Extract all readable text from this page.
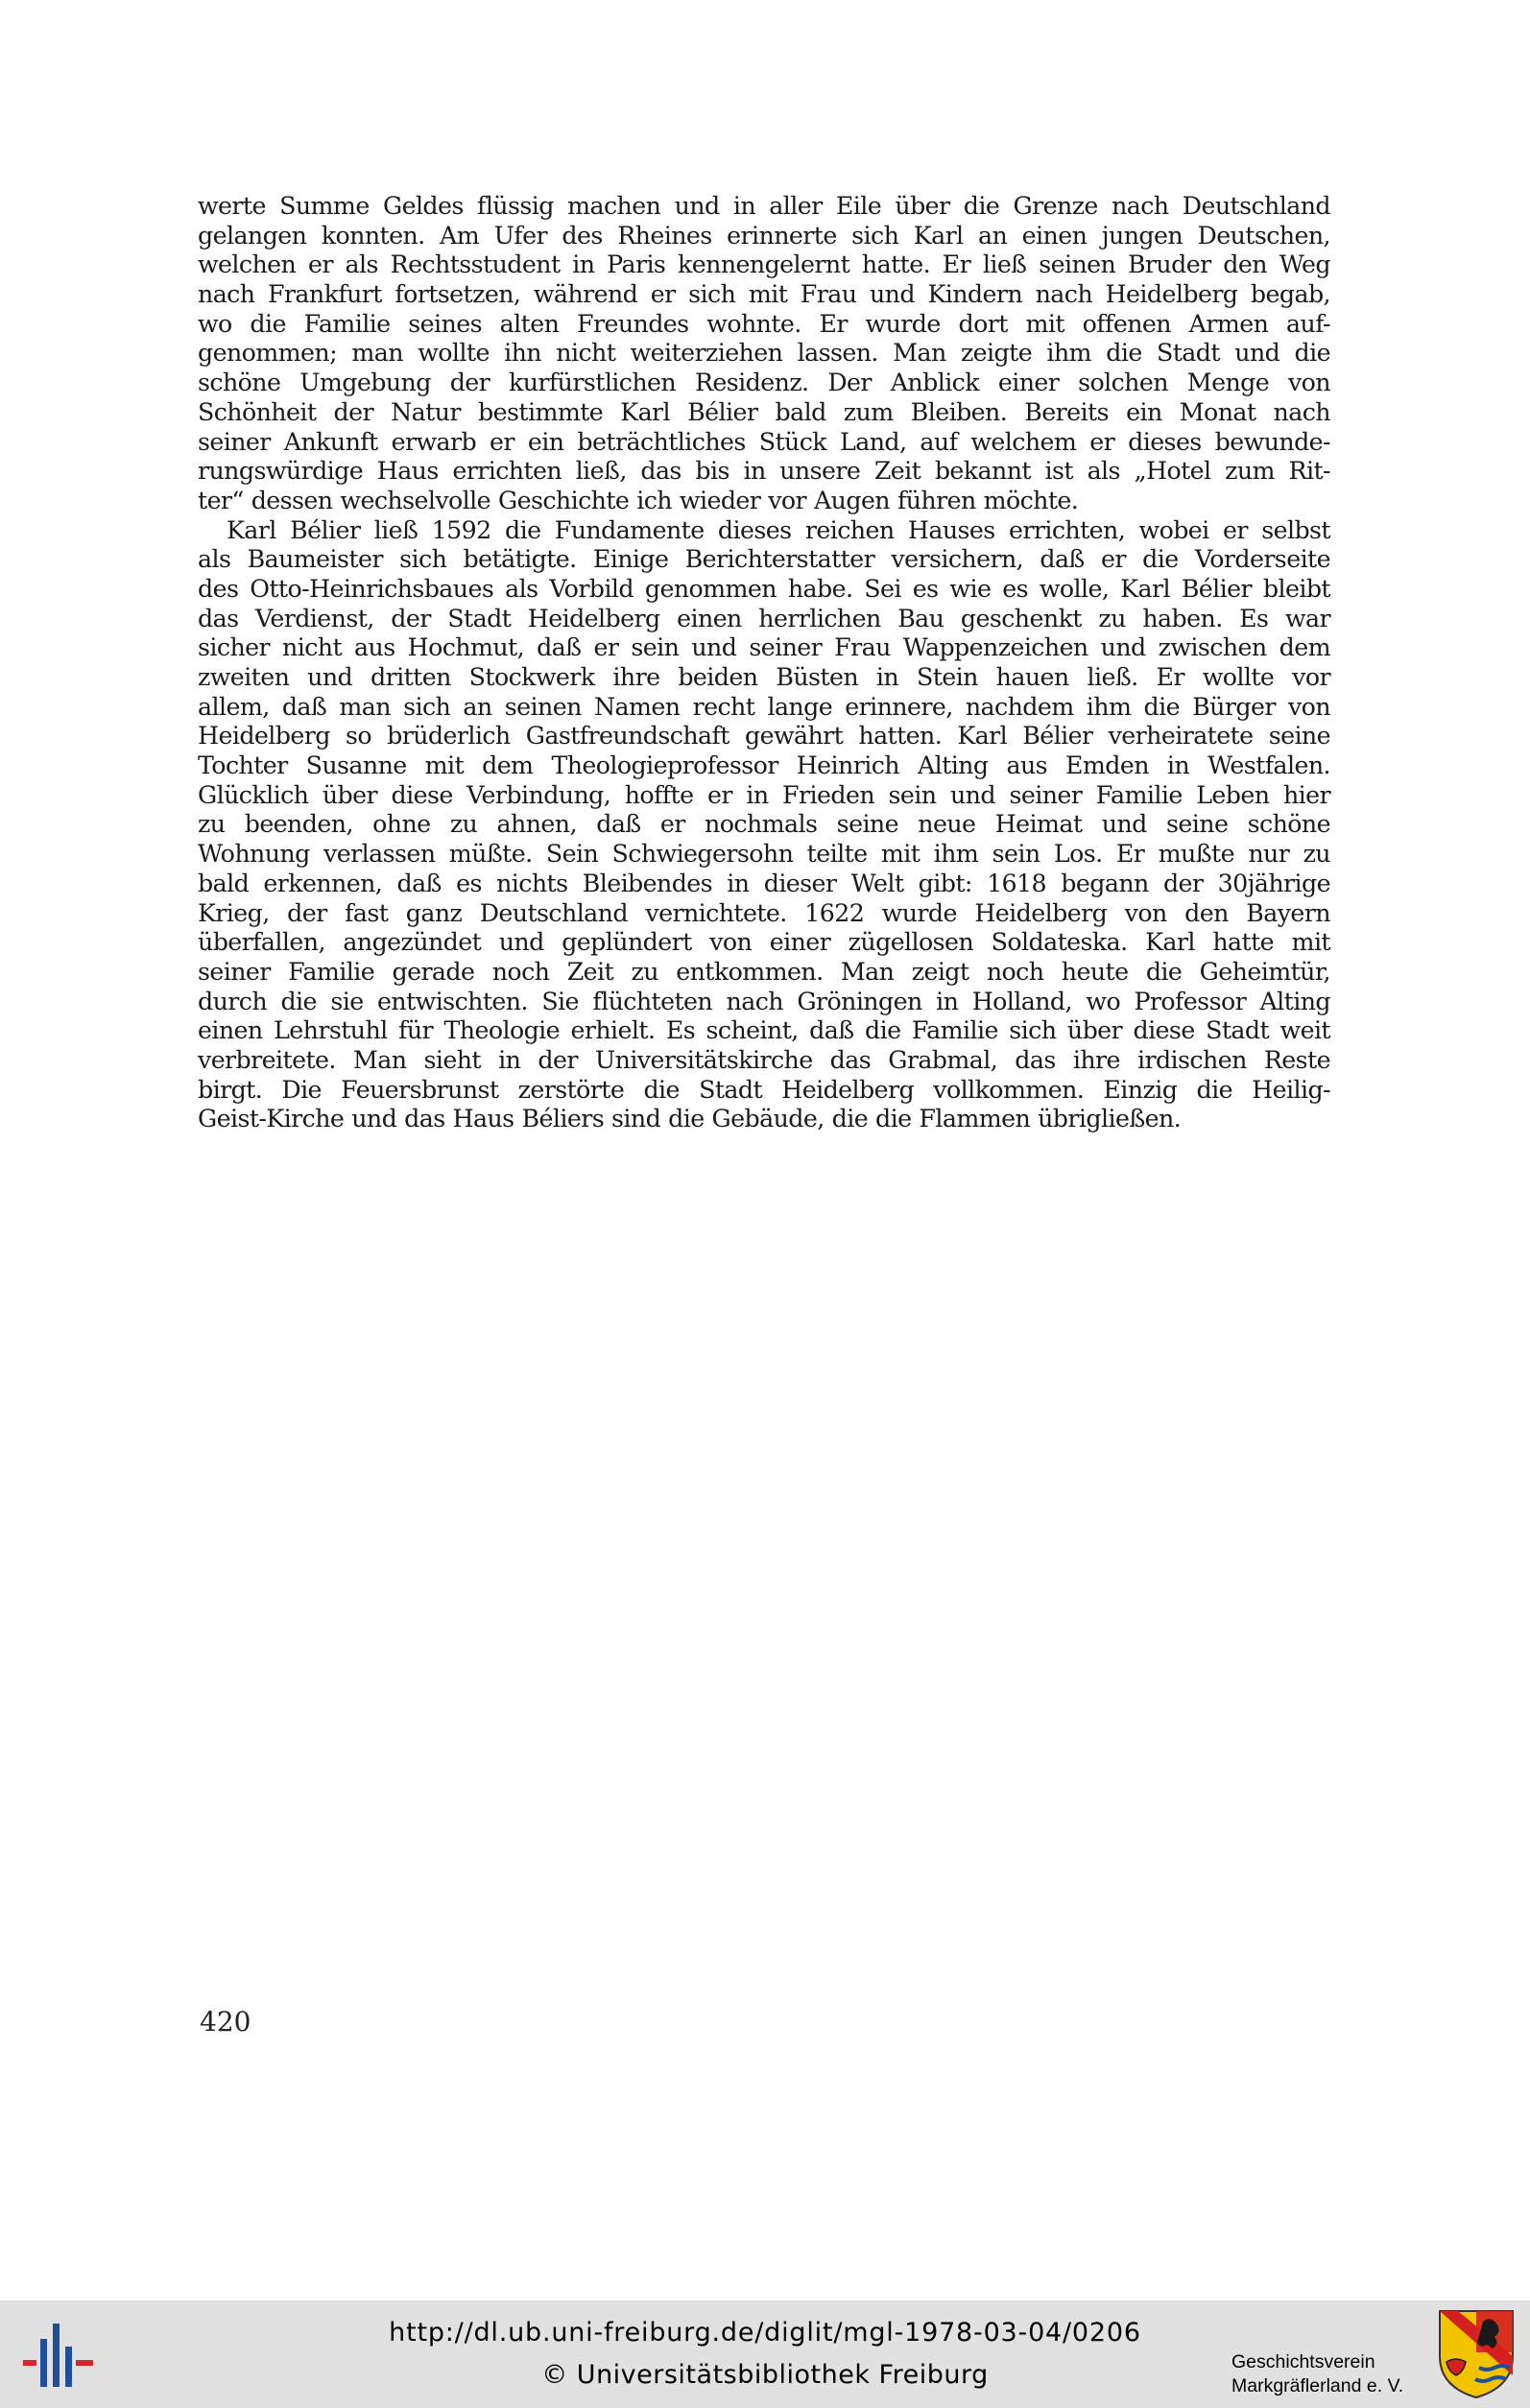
werte Summe Geldes flüssig machen und in aller Eile über die Grenze nach Deutschland
gelangen konnten. Am Ufer des Rheines erinnerte sich Karl an einen jungen Deutschen,
welchen er als Rechtsstudent in Paris kennengelernt hatte. Er ließ seinen Bruder den Weg
nach Frankfurt fortsetzen, während er sich mit Frau und Kindern nach Heidelberg begab,
wo die Familie seines alten Freundes wohnte. Er wurde dort mit offenen Armen auf-
genommen; man wollte ihn nicht weiterziehen lassen. Man zeigte ihm die Stadt und die
schöne Umgebung der kurfürstlichen Residenz. Der Anblick einer solchen Menge von
Schönheit der Natur bestimmte Karl Bélier bald zum Bleiben. Bereits ein Monat nach
seiner Ankunft erwarb er ein beträchtliches Stück Land, auf welchem er dieses bewunde-
rungswürdige Haus errichten ließ, das bis in unsere Zeit bekannt ist als „Hotel zum Rit-
ter“ dessen wechselvolle Geschichte ich wieder vor Augen führen möchte.
Karl Bélier ließ 1592 die Fundamente dieses reichen Hauses errichten, wobei er selbst
als Baumeister sich betätigte. Einige Berichterstatter versichern, daß er die Vorderseite
des Otto-Heinrichsbaues als Vorbild genommen habe. Sei es wie es wolle, Karl Bélier bleibt
das Verdienst, der Stadt Heidelberg einen herrlichen Bau geschenkt zu haben. Es war
sicher nicht aus Hochmut, daß er sein und seiner Frau Wappenzeichen und zwischen dem
zweiten und dritten Stockwerk ihre beiden Büsten in Stein hauen ließ. Er wollte vor
allem, daß man sich an seinen Namen recht lange erinnere, nachdem ihm die Bürger von
Heidelberg so brüderlich Gastfreundschaft gewährt hatten. Karl Bélier verheiratete seine
Tochter Susanne mit dem Theologieprofessor Heinrich Alting aus Emden in Westfalen.
Glücklich über diese Verbindung, hoffte er in Frieden sein und seiner Familie Leben hier
zu beenden, ohne zu ahnen, daß er nochmals seine neue Heimat und seine schöne
Wohnung verlassen müßte. Sein Schwiegersohn teilte mit ihm sein Los. Er mußte nur zu
bald erkennen, daß es nichts Bleibendes in dieser Welt gibt: 1618 begann der 30jährige
Krieg, der fast ganz Deutschland vernichtete. 1622 wurde Heidelberg von den Bayern
überfallen, angezündet und geplündert von einer zügellosen Soldateska. Karl hatte mit
seiner Familie gerade noch Zeit zu entkommen. Man zeigt noch heute die Geheimtür,
durch die sie entwischten. Sie flüchteten nach Gröningen in Holland, wo Professor Alting
einen Lehrstuhl für Theologie erhielt. Es scheint, daß die Familie sich über diese Stadt weit
verbreitete. Man sieht in der Universitätskirche das Grabmal, das ihre irdischen Reste
birgt. Die Feuersbrunst zerstörte die Stadt Heidelberg vollkommen. Einzig die Heilig-
Geist-Kirche und das Haus Béliers sind die Gebäude, die die Flammen übrigließen.
420
http://dl.ub.uni-freiburg.de/diglit/mgl-1978-03-04/0206
© Universitätsbibliothek Freiburg	Geschichtsverein
Markgräflerland e. V.
